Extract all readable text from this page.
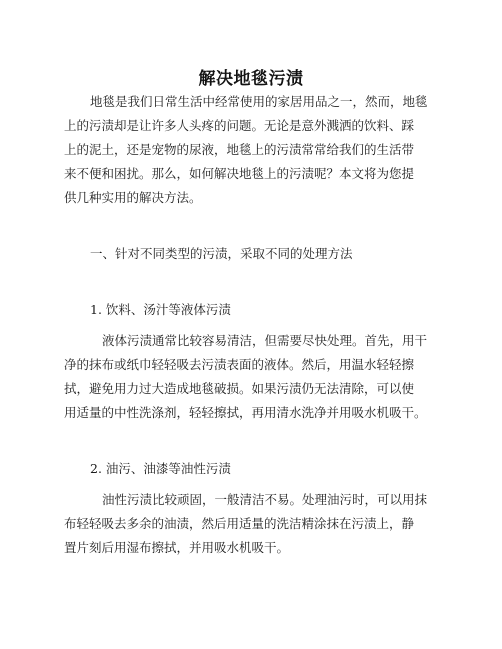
解决地毯污渍
地毯是我们日常生活中经常使用的家居用品之一，然而，地毯
上的污渍却是让许多人头疼的问题。无论是意外溅洒的饮料、踩
上的泥土，还是宠物的尿液，地毯上的污渍常常给我们的生活带
来不便和困扰。那么，如何解决地毯上的污渍呢？本文将为您提
供几种实用的解决方法。
一、针对不同类型的污渍，采取不同的处理方法
1. 饮料、汤汁等液体污渍
液体污渍通常比较容易清洁，但需要尽快处理。首先，用干
净的抹布或纸巾轻轻吸去污渍表面的液体。然后，用温水轻轻擦
拭，避免用力过大造成地毯破损。如果污渍仍无法清除，可以使
用适量的中性洗涤剂，轻轻擦拭，再用清水洗净并用吸水机吸干。
2. 油污、油漆等油性污渍
油性污渍比较顽固，一般清洁不易。处理油污时，可以用抹
布轻轻吸去多余的油渍，然后用适量的洗洁精涂抹在污渍上，静
置片刻后用湿布擦拭，并用吸水机吸干。
